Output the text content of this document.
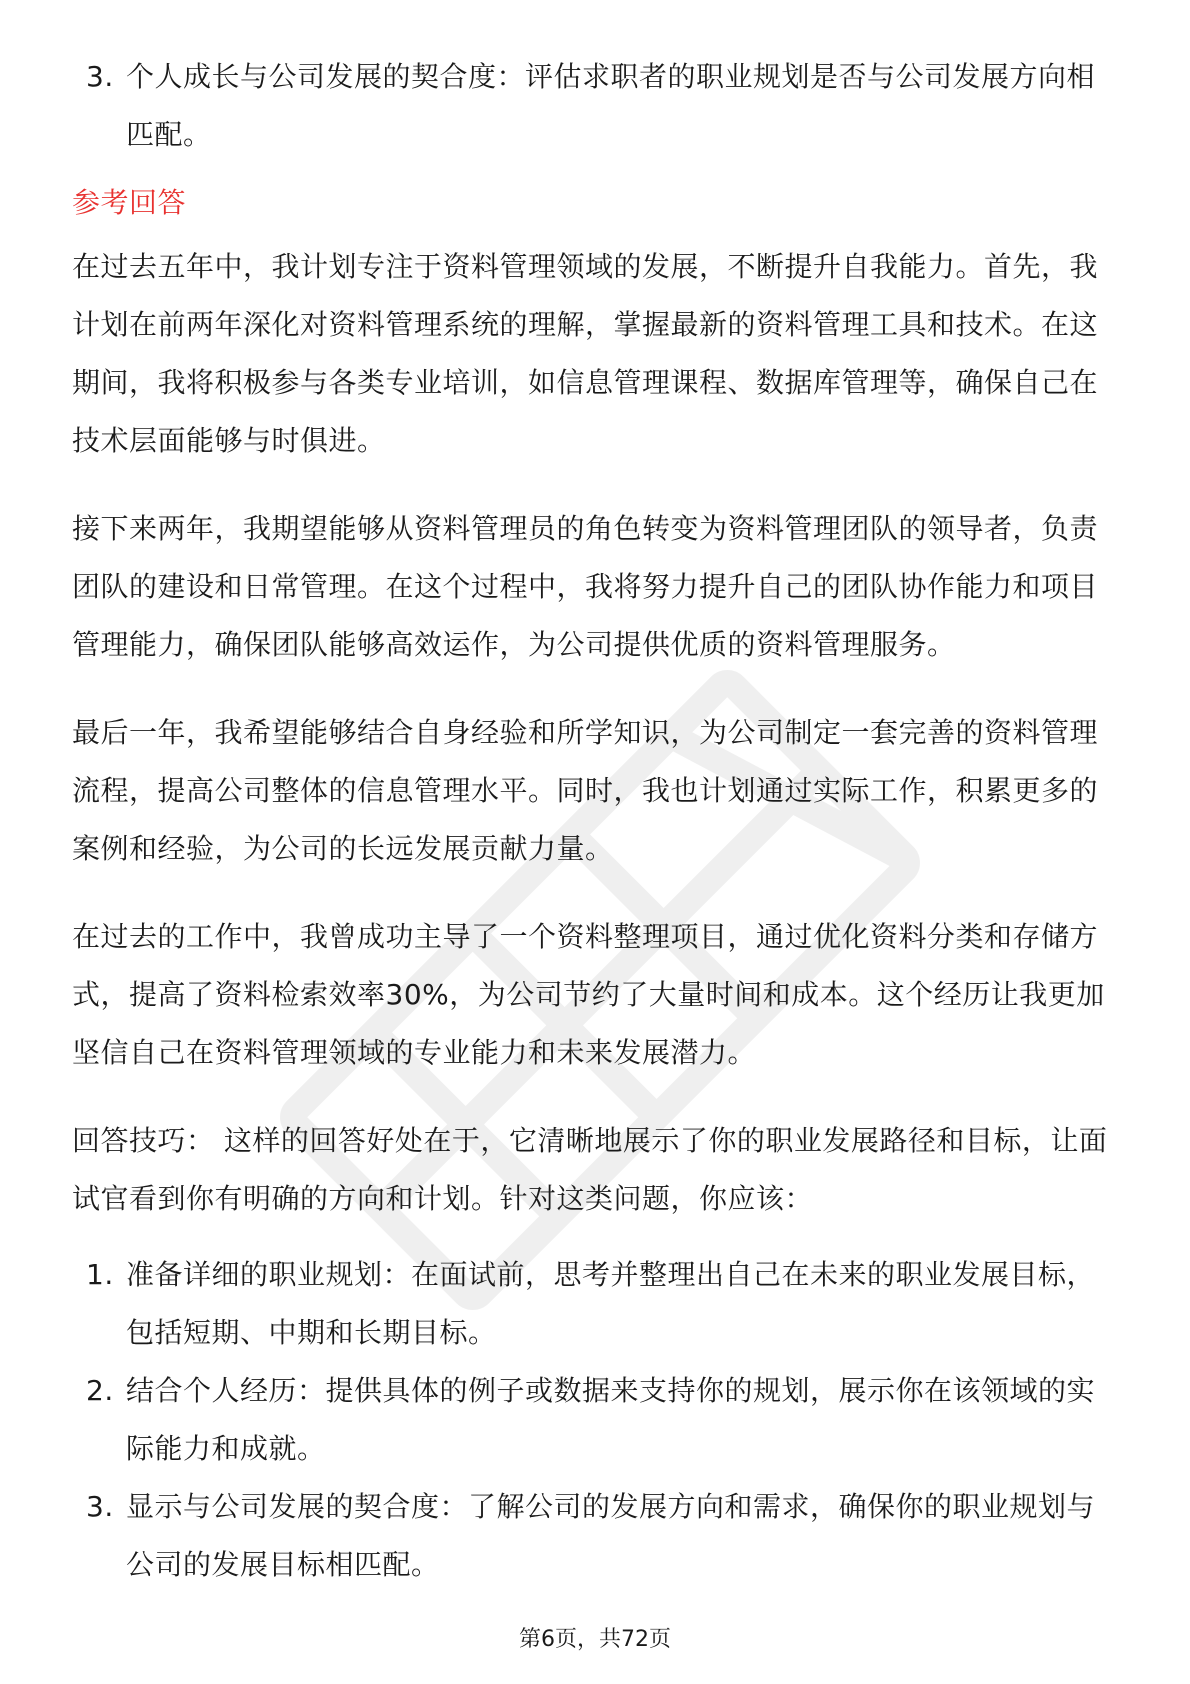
3. 个人成长与公司发展的契合度：评估求职者的职业规划是否与公司发展方向相匹配。
参考回答

在过去五年中，我计划专注于资料管理领域的发展，不断提升自我能力。首先，我计划在前两年深化对资料管理系统的理解，掌握最新的资料管理工具和技术。在这期间，我将积极参与各类专业培训，如信息管理课程、数据库管理等，确保自己在技术层面能够与时俱进。

接下来两年，我期望能够从资料管理员的角色转变为资料管理团队的领导者，负责团队的建设和日常管理。在这个过程中，我将努力提升自己的团队协作能力和项目管理能力，确保团队能够高效运作，为公司提供优质的资料管理服务。

最后一年，我希望能够结合自身经验和所学知识，为公司制定一套完善的资料管理流程，提高公司整体的信息管理水平。同时，我也计划通过实际工作，积累更多的案例和经验，为公司的长远发展贡献力量。

在过去的工作中，我曾成功主导了一个资料整理项目，通过优化资料分类和存储方式，提高了资料检索效率30%，为公司节约了大量时间和成本。这个经历让我更加坚信自己在资料管理领域的专业能力和未来发展潜力。

回答技巧： 这样的回答好处在于，它清晰地展示了你的职业发展路径和目标，让面试官看到你有明确的方向和计划。针对这类问题，你应该：

1. 准备详细的职业规划：在面试前，思考并整理出自己在未来的职业发展目标，包括短期、中期和长期目标。
2. 结合个人经历：提供具体的例子或数据来支持你的规划，展示你在该领域的实际能力和成就。
3. 显示与公司发展的契合度：了解公司的发展方向和需求，确保你的职业规划与公司的发展目标相匹配。
第6页，共72页
